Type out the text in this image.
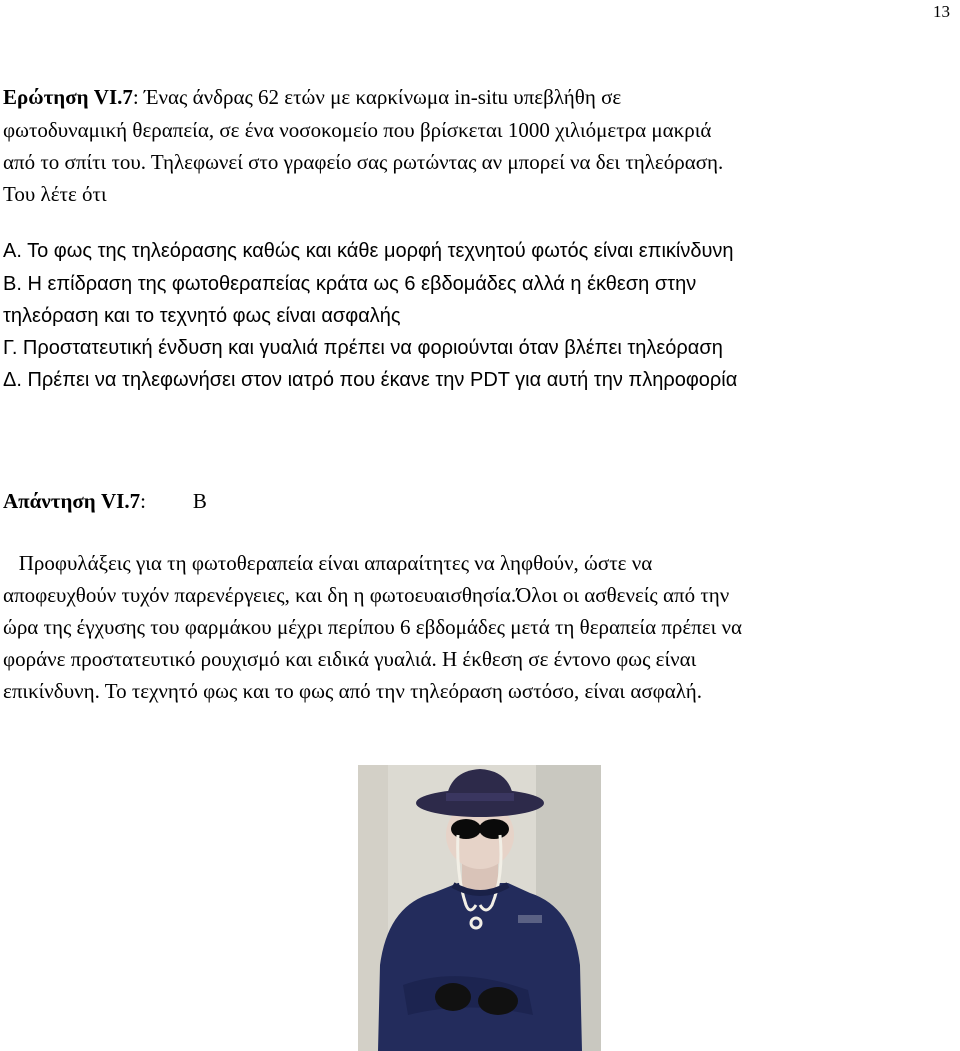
13
Ερώτηση VI.7: Ένας άνδρας 62 ετών με καρκίνωμα in-situ υπεβλήθη σε
φωτοδυναμική θεραπεία, σε ένα νοσοκομείο που βρίσκεται 1000 χιλιόμετρα μακριά
από το σπίτι του. Τηλεφωνεί στο γραφείο σας ρωτώντας αν μπορεί να δει τηλεόραση.
Του λέτε ότι
Α. Το φως της τηλεόρασης καθώς και κάθε μορφή τεχνητού φωτός είναι επικίνδυνη
Β. Η επίδραση της φωτοθεραπείας κράτα ως 6 εβδομάδες αλλά η έκθεση στην
τηλεόραση και το τεχνητό φως είναι ασφαλής
Γ. Προστατευτική ένδυση και γυαλιά πρέπει να φοριούνται όταν βλέπει τηλεόραση
Δ. Πρέπει να τηλεφωνήσει στον ιατρό που έκανε την PDT για αυτή την πληροφορία
Απάντηση VI.7: Β
Προφυλάξεις για τη φωτοθεραπεία είναι απαραίτητες να ληφθούν, ώστε να
αποφευχθούν τυχόν παρενέργειες, και δη η φωτοευαισθησία.Όλοι οι ασθενείς από την
ώρα της έγχυσης του φαρμάκου μέχρι περίπου 6 εβδομάδες μετά τη θεραπεία πρέπει να
φοράνε προστατευτικό ρουχισμό και ειδικά γυαλιά. Η έκθεση σε έντονο φως είναι
επικίνδυνη. Το τεχνητό φως και το φως από την τηλεόραση ωστόσο, είναι ασφαλή.
